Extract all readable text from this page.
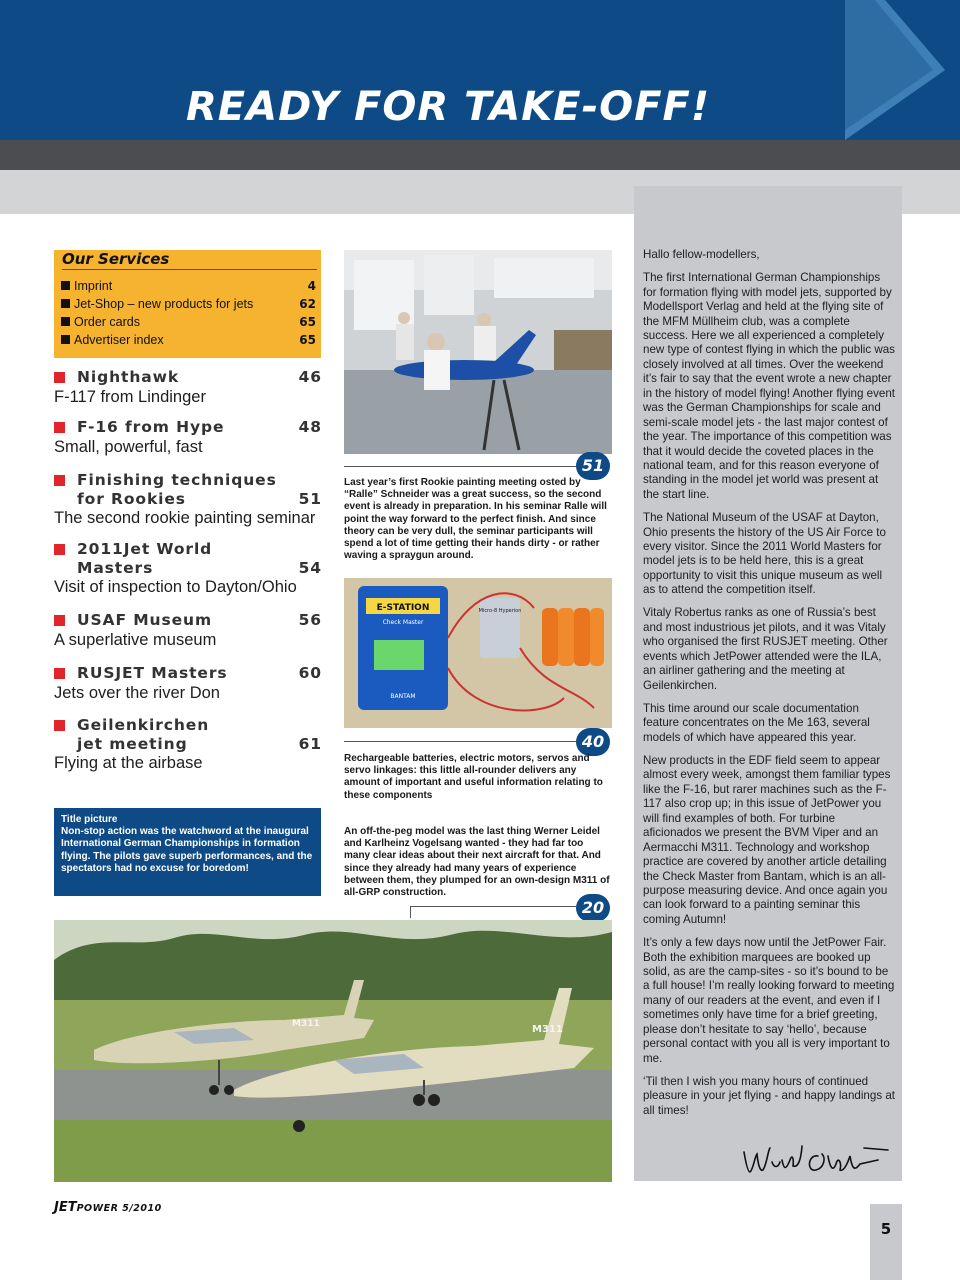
READY FOR TAKE-OFF!

Hallo fellow-modellers,

The first International German Championships for formation flying with model jets, supported by Modellsport Verlag and held at the flying site of the MFM Müllheim club, was a complete success. Here we all experienced a completely new type of contest flying in which the public was closely involved at all times. Over the weekend it’s fair to say that the event wrote a new chapter in the history of model flying! Another flying event was the German Championships for scale and semi-scale model jets - the last major contest of the year. The importance of this competition was that it would decide the coveted places in the national team, and for this reason everyone of standing in the model jet world was present at the start line.

The National Museum of the USAF at Dayton, Ohio presents the history of the US Air Force to every visitor. Since the 2011 World Masters for model jets is to be held here, this is a great opportunity to visit this unique museum as well as to attend the competition itself.

Vitaly Robertus ranks as one of Russia’s best and most industrious jet pilots, and it was Vitaly who organised the first RUSJET meeting. Other events which JetPower attended were the ILA, an airliner gathering and the meeting at Geilenkirchen.

This time around our scale documentation feature concentrates on the Me 163, several models of which have appeared this year.

New products in the EDF field seem to appear almost every week, amongst them familiar types like the F-16, but rarer machines such as the F-117 also crop up; in this issue of JetPower you will find examples of both. For turbine aficionados we present the BVM Viper and an Aermacchi M311. Technology and workshop practice are covered by another article detailing the Check Master from Bantam, which is an all-purpose measuring device. And once again you can look forward to a painting seminar this coming Autumn!

It’s only a few days now until the JetPower Fair. Both the exhibition marquees are booked up solid, as are the camp-sites - so it’s bound to be a full house! I’m really looking forward to meeting many of our readers at the event, and even if I sometimes only have time for a brief greeting, please don’t hesitate to say ‘hello’, because personal contact with you all is very important to me.

‘Til then I wish you many hours of continued pleasure in your jet flying - and happy landings at all times!

Our Services
Imprint	4
Jet-Shop – new products for jets	62
Order cards	65
Advertiser index	65
Nighthawk	46
F-117 from Lindinger
F-16 from Hype	48
Small, powerful, fast
Finishing techniques
for Rookies	51
The second rookie painting seminar
2011Jet World
Masters	54
Visit of inspection to Dayton/Ohio
USAF Museum	56
A superlative museum
RUSJET Masters	60
Jets over the river Don
Geilenkirchen
jet meeting	61
Flying at the airbase
Title picture
Non-stop action was the watchword at the inaugural International German Championships in formation flying. The pilots gave superb performances, and the spectators had no excuse for boredom!
51
Last year’s first Rookie painting meeting osted by “Ralle” Schneider was a great success, so the second event is already in preparation. In his seminar Ralle will point the way forward to the perfect finish. And since theory can be very dull, the seminar participants will spend a lot of time getting their hands dirty - or rather waving a spraygun around.
E-STATION
Check Master
BANTAM
Micro-8 Hyperion
40
Rechargeable batteries, electric motors, servos and servo linkages: this little all-rounder delivers any amount of important and useful information relating to these components
An off-the-peg model was the last thing Werner Leidel and Karlheinz Vogelsang wanted - they had far too many clear ideas about their next aircraft for that. And since they already had many years of experience between them, they plumped for an own-design M311 of all-GRP construction.
20
M311	M311
JETPOWER 5/2010
5
